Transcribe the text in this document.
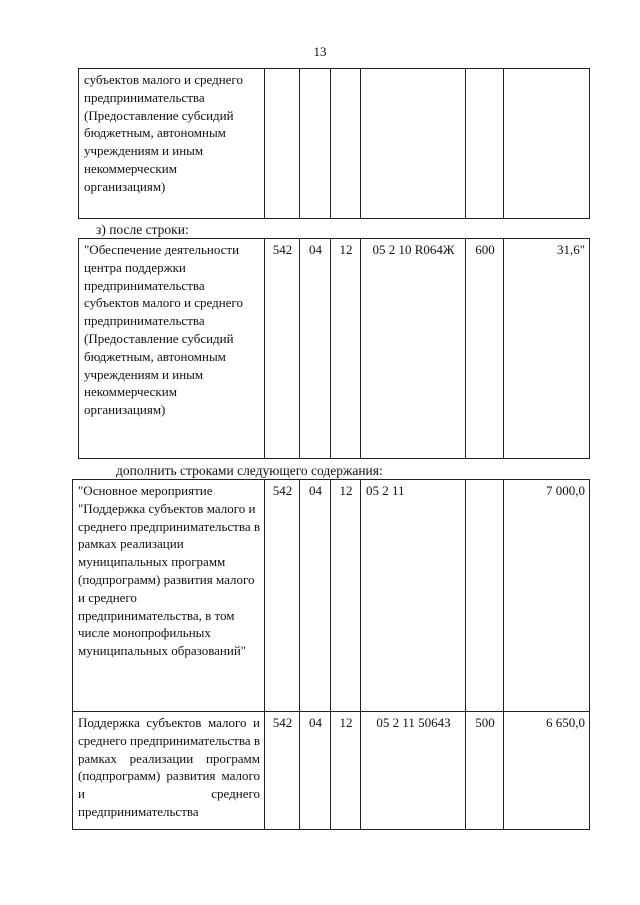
13
субъектов малого и среднего предпринимательства (Предоставление субсидий бюджетным, автономным учреждениям и иным некоммерческим организациям)						
з) после строки:
"Обеспечение деятельности центра поддержки предпринимательства субъектов малого и среднего предпринимательства (Предоставление субсидий бюджетным, автономным учреждениям и иным некоммерческим организациям)	542	04	12	05 2 10 R064Ж	600	31,6"
дополнить строками следующего содержания:
"Основное мероприятие "Поддержка субъектов малого и среднего предпринимательства в рамках реализации муниципальных программ (подпрограмм) развития малого и среднего предпринимательства, в том числе монопрофильных муниципальных образований"	542	04	12	05 2 11		7 000,0
Поддержка субъектов малого и среднего предпринимательства в рамках реализации программ (подпрограмм) развития малого и среднего предпринимательства	542	04	12	05 2 11 5064З	500	6 650,0
